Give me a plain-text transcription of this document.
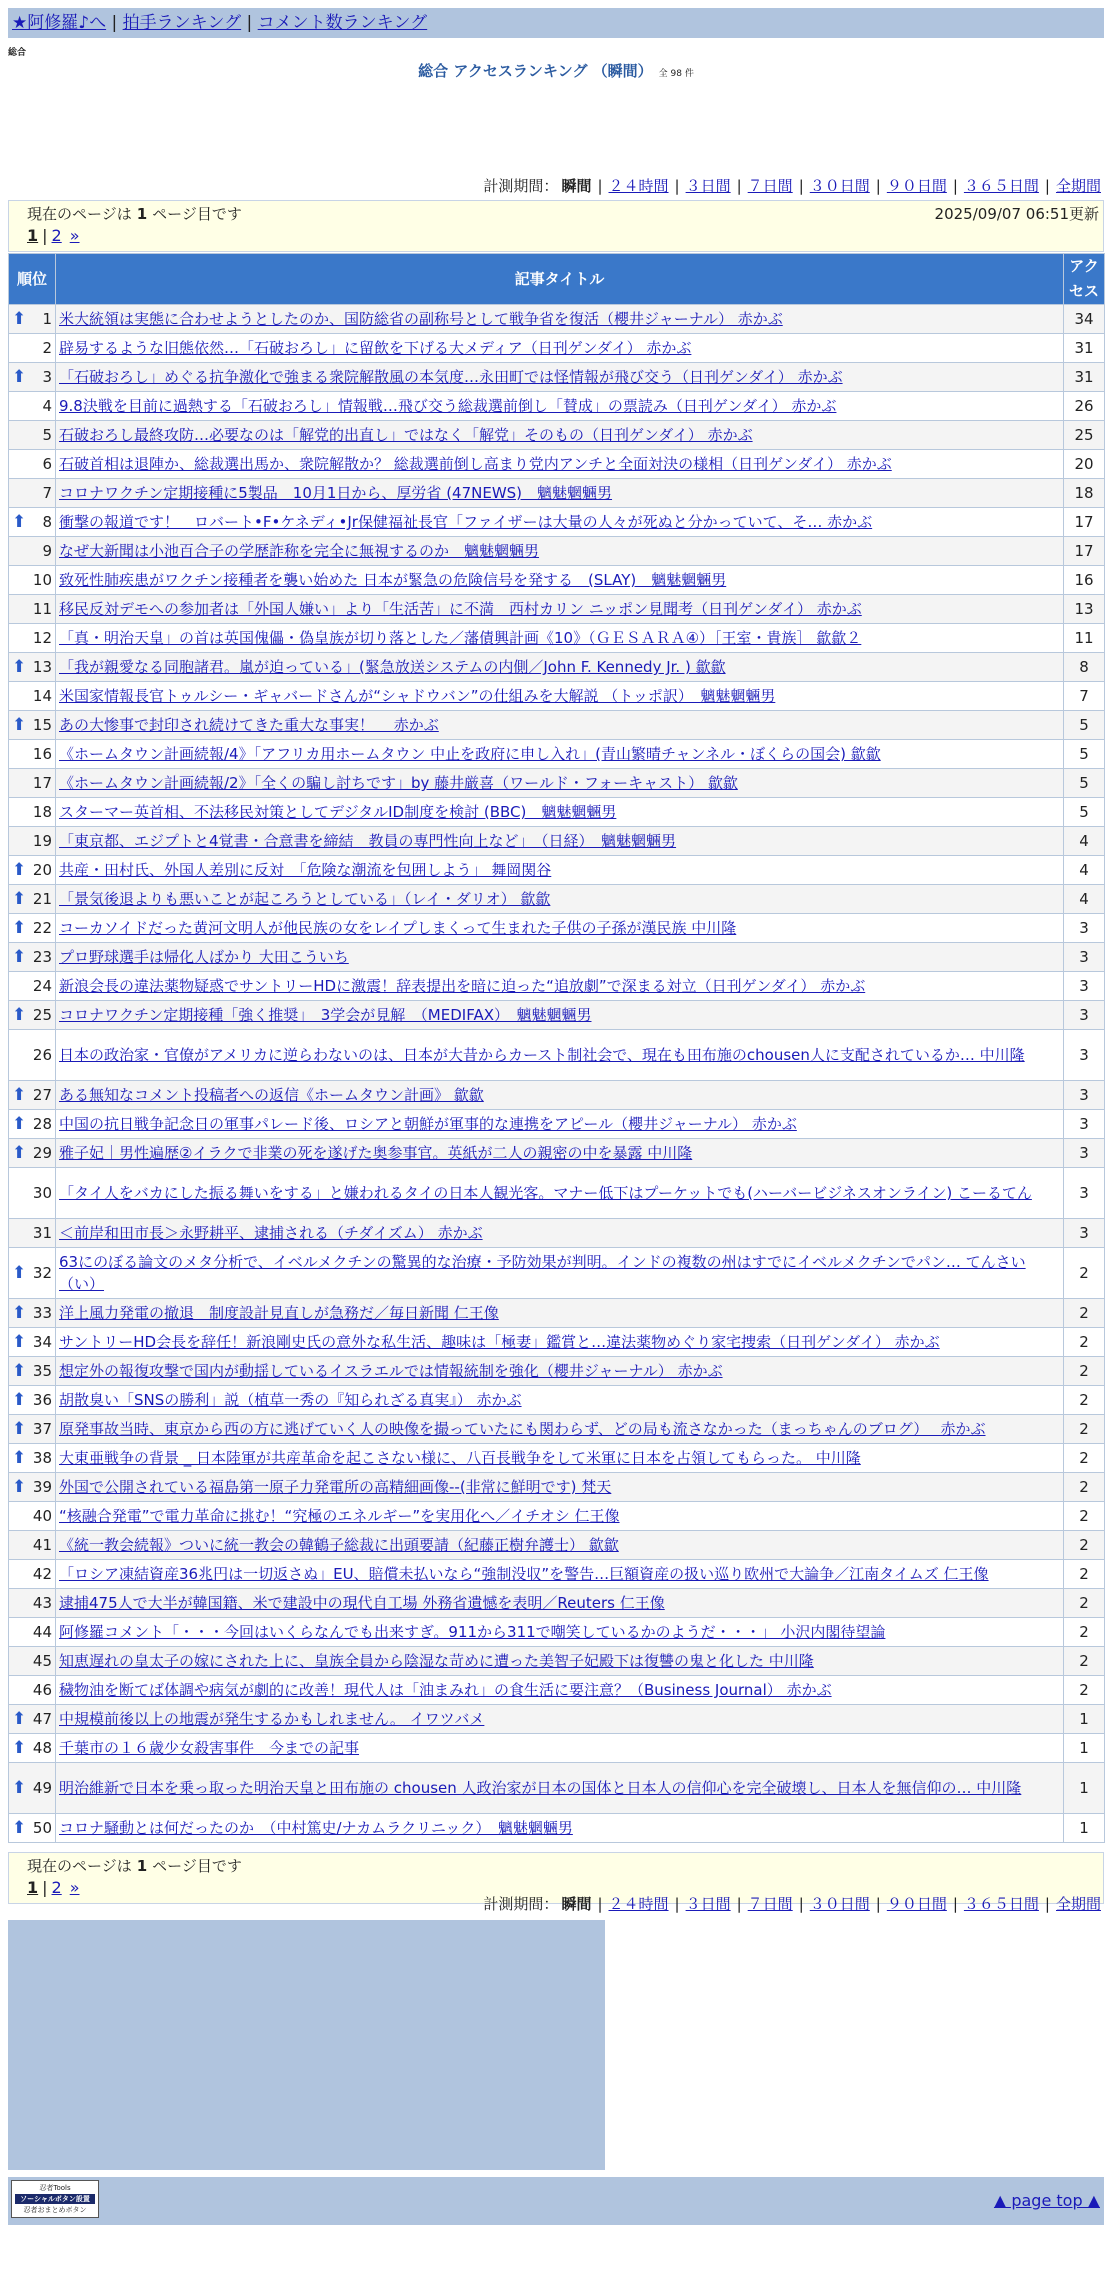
★阿修羅♪へ | 拍手ランキング | コメント数ランキング
総合
総合 アクセスランキング （瞬間） 全 98 件
計測期間： 瞬間 | ２４時間 | ３日間 | ７日間 | ３０日間 | ９０日間 | ３６５日間 | 全期間
現在のページは 1 ページ目です	2025/09/07 06:51更新
1 | 2 »
順位	記事タイトル	アクセス

⬆ 1	米大統領は実態に合わせようとしたのか、国防総省の副称号として戦争省を復活（櫻井ジャーナル） 赤かぶ	34
2	辟易するような旧態依然…「石破おろし」に留飲を下げる大メディア（日刊ゲンダイ） 赤かぶ	31

⬆ 3	「石破おろし」めぐる抗争激化で強まる衆院解散風の本気度…永田町では怪情報が飛び交う（日刊ゲンダイ） 赤かぶ	31
4	9.8決戦を目前に過熱する「石破おろし」情報戦…飛び交う総裁選前倒し「賛成」の票読み（日刊ゲンダイ） 赤かぶ	26
5	石破おろし最終攻防…必要なのは「解党的出直し」ではなく「解党」そのもの（日刊ゲンダイ） 赤かぶ	25
6	石破首相は退陣か、総裁選出馬か、衆院解散か？ 総裁選前倒し高まり党内アンチと全面対決の様相（日刊ゲンダイ） 赤かぶ	20
7	コロナワクチン定期接種に5製品　10月1日から、厚労省 (47NEWS)　魑魅魍魎男	18

⬆ 8	衝撃の報道です！　ロバート•F•ケネディ•Jr保健福祉長官「ファイザーは大量の人々が死ぬと分かっていて、そ… 赤かぶ	17
9	なぜ大新聞は小池百合子の学歴詐称を完全に無視するのか　魑魅魍魎男	17
10	致死性肺疾患がワクチン接種者を襲い始めた 日本が緊急の危険信号を発する　(SLAY)　魑魅魍魎男	16
11	移民反対デモへの参加者は「外国人嫌い」より「生活苦」に不満　西村カリン ニッポン見聞考（日刊ゲンダイ） 赤かぶ	13
12	「真・明治天皇」の首は英国傀儡・偽皇族が切り落とした／藩債興計画《10》（ＧＥＳＡＲＡ④）［王室・貴族］ 歙歙２	11

⬆ 13	「我が親愛なる同胞諸君。嵐が迫っている」(緊急放送システムの内側／John F. Kennedy Jr. ) 歙歙	8
14	米国家情報長官トゥルシー・ギャバードさんが“シャドウバン”の仕組みを大解説 （トッポ訳）　魑魅魍魎男	7

⬆ 15	あの大惨事で封印され続けてきた重大な事実！　 赤かぶ	5
16	《ホームタウン計画続報/4》「アフリカ用ホームタウン 中止を政府に申し入れ」(青山繁晴チャンネル・ぼくらの国会) 歙歙	5
17	《ホームタウン計画続報/2》「全くの騙し討ちです」by 藤井厳喜（ワールド・フォーキャスト） 歙歙	5
18	スターマー英首相、不法移民対策としてデジタルID制度を検討 (BBC)　魑魅魍魎男	5
19	「東京都、エジプトと4覚書・合意書を締結　教員の専門性向上など」　（日経）　魑魅魍魎男	4

⬆ 20	共産・田村氏、外国人差別に反対　「危険な潮流を包囲しよう」 舞岡関谷	4

⬆ 21	「景気後退よりも悪いことが起ころうとしている」（レイ・ダリオ） 歙歙	4

⬆ 22	コーカソイドだった黄河文明人が他民族の女をレイプしまくって生まれた子供の子孫が漢民族 中川隆	3

⬆ 23	プロ野球選手は帰化人ばかり 大田こういち	3
24	新浪会長の違法薬物疑惑でサントリーHDに激震！辞表提出を暗に迫った“追放劇”で深まる対立（日刊ゲンダイ） 赤かぶ	3

⬆ 25	コロナワクチン定期接種「強く推奨」　3学会が見解　（MEDIFAX）　魑魅魍魎男	3
26	日本の政治家・官僚がアメリカに逆らわないのは、日本が大昔からカースト制社会で、現在も田布施のchousen人に支配されているか… 中川隆	3

⬆ 27	ある無知なコメント投稿者への返信《ホームタウン計画》 歙歙	3

⬆ 28	中国の抗日戦争記念日の軍事パレード後、ロシアと朝鮮が軍事的な連携をアピール（櫻井ジャーナル） 赤かぶ	3

⬆ 29	雅子妃｜男性遍歴②イラクで非業の死を遂げた奥参事官。英紙が二人の親密の中を暴露 中川隆	3
30	「タイ人をバカにした振る舞いをする」と嫌われるタイの日本人観光客。マナー低下はプーケットでも(ハーバービジネスオンライン) こーるてん	3
31	＜前岸和田市長＞永野耕平、逮捕される（チダイズム） 赤かぶ	3

⬆ 32	63にのぼる論文のメタ分析で、イベルメクチンの驚異的な治療・予防効果が判明。インドの複数の州はすでにイベルメクチンでパン… てんさい（い）	2

⬆ 33	洋上風力発電の撤退　制度設計見直しが急務だ／毎日新聞 仁王像	2

⬆ 34	サントリーHD会長を辞任！新浪剛史氏の意外な私生活、趣味は「極妻」鑑賞と…違法薬物めぐり家宅捜索（日刊ゲンダイ） 赤かぶ	2

⬆ 35	想定外の報復攻撃で国内が動揺しているイスラエルでは情報統制を強化（櫻井ジャーナル） 赤かぶ	2

⬆ 36	胡散臭い「SNSの勝利」説（植草一秀の『知られざる真実』） 赤かぶ	2

⬆ 37	原発事故当時、東京から西の方に逃げていく人の映像を撮っていたにも関わらず、どの局も流さなかった（まっちゃんのブログ）　 赤かぶ	2

⬆ 38	大東亜戦争の背景 _ 日本陸軍が共産革命を起こさない様に、八百長戦争をして米軍に日本を占領してもらった。 中川隆	2

⬆ 39	外国で公開されている福島第一原子力発電所の高精細画像--(非常に鮮明です) 梵天	2
40	“核融合発電”で電力革命に挑む！“究極のエネルギー”を実用化へ／イチオシ 仁王像	2
41	《統一教会続報》ついに統一教会の韓鶴子総裁に出頭要請（紀藤正樹弁護士） 歙歙	2
42	「ロシア凍結資産36兆円は一切返さぬ」EU、賠償未払いなら“強制没収”を警告…巨額資産の扱い巡り欧州で大論争／江南タイムズ 仁王像	2
43	逮捕475人で大半が韓国籍、米で建設中の現代自工場 外務省遺憾を表明／Reuters 仁王像	2
44	阿修羅コメント「・・・今回はいくらなんでも出来すぎ。911から311で嘲笑しているかのようだ・・・」 小沢内閣待望論	2
45	知恵遅れの皇太子の嫁にされた上に、皇族全員から陰湿な苛めに遭った美智子妃殿下は復讐の鬼と化した 中川隆	2
46	穢物油を断てば体調や病気が劇的に改善！現代人は「油まみれ」の食生活に要注意？（Business Journal） 赤かぶ	2

⬆ 47	中規模前後以上の地震が発生するかもしれません。 イワツバメ	1

⬆ 48	千葉市の１６歳少女殺害事件　今までの記事	1

⬆ 49	明治維新で日本を乗っ取った明治天皇と田布施の chousen 人政治家が日本の国体と日本人の信仰心を完全破壊し、日本人を無信仰の… 中川隆	1

⬆ 50	コロナ騒動とは何だったのか　（中村篤史/ナカムラクリニック）　魑魅魍魎男	1
現在のページは 1 ページ目です
1 | 2 »
計測期間： 瞬間 | ２４時間 | ３日間 | ７日間 | ３０日間 | ９０日間 | ３６５日間 | 全期間
忍者Tools
ソーシャルボタン設置
忍者おまとめボタン	▲ page top ▲
